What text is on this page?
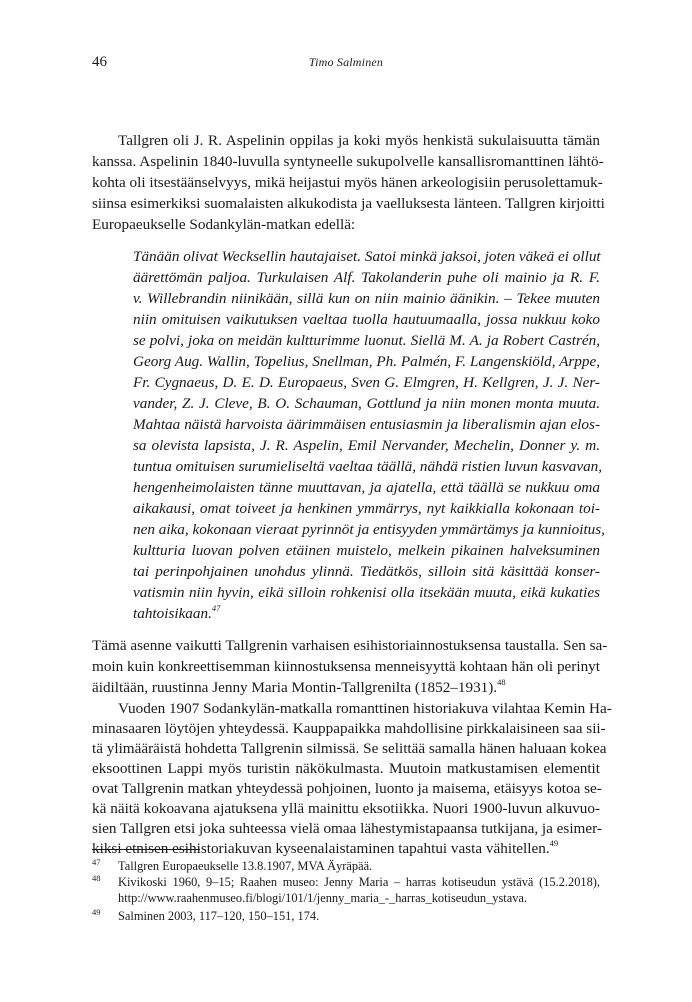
46	Timo Salminen
Tallgren oli J. R. Aspelinin oppilas ja koki myös henkistä sukulaisuutta tämän
kanssa. Aspelinin 1840-luvulla syntyneelle sukupolvelle kansallisromanttinen lähtö-
kohta oli itsestäänselvyys, mikä heijastui myös hänen arkeologisiin perusolettamuk-
siinsa esimerkiksi suomalaisten alkukodista ja vaelluksesta länteen. Tallgren kirjoitti
Europaeukselle Sodankylän-matkan edellä:
Tänään olivat Wecksellin hautajaiset. Satoi minkä jaksoi, joten väkeä ei ollut
äärettömän paljoa. Turkulaisen Alf. Takolanderin puhe oli mainio ja R. F.
v. Willebrandin niinikään, sillä kun on niin mainio äänikin. – Tekee muuten
niin omituisen vaikutuksen vaeltaa tuolla hautuumaalla, jossa nukkuu koko
se polvi, joka on meidän kultturimme luonut. Siellä M. A. ja Robert Castrén,
Georg Aug. Wallin, Topelius, Snellman, Ph. Palmén, F. Langenskiöld, Arppe,
Fr. Cygnaeus, D. E. D. Europaeus, Sven G. Elmgren, H. Kellgren, J. J. Ner-
vander, Z. J. Cleve, B. O. Schauman, Gottlund ja niin monen monta muuta.
Mahtaa näistä harvoista äärimmäisen entusiasmin ja liberalismin ajan elos-
sa olevista lapsista, J. R. Aspelin, Emil Nervander, Mechelin, Donner y. m.
tuntua omituisen surumieliseltä vaeltaa täällä, nähdä ristien luvun kasvavan,
hengenheimolaisten tänne muuttavan, ja ajatella, että täällä se nukkuu oma
aikakausi, omat toiveet ja henkinen ymmärrys, nyt kaikkialla kokonaan toi-
nen aika, kokonaan vieraat pyrinnöt ja entisyyden ymmärtämys ja kunnioitus,
kultturia luovan polven etäinen muistelo, melkein pikainen halveksuminen
tai perinpohjainen unohdus ylinnä. Tiedätkös, silloin sitä käsittää konser-
vatismin niin hyvin, eikä silloin rohkenisi olla itsekään muuta, eikä kukaties
tahtoisikaan.$^{47}$
Tämä asenne vaikutti Tallgrenin varhaisen esihistoriainnostuksensa taustalla. Sen sa-
moin kuin konkreettisemman kiinnostuksensa menneisyyttä kohtaan hän oli perinyt
äidiltään, ruustinna Jenny Maria Montin-Tallgrenilta (1852–1931).$^{48}$
Vuoden 1907 Sodankylän-matkalla romanttinen historiakuva vilahtaa Kemin Ha-
minasaaren löytöjen yhteydessä. Kauppapaikka mahdollisine pirkkalaisineen saa sii-
tä ylimääräistä hohdetta Tallgrenin silmissä. Se selittää samalla hänen haluaan kokea
eksoottinen Lappi myös turistin näkökulmasta. Muutoin matkustamisen elementit
ovat Tallgrenin matkan yhteydessä pohjoinen, luonto ja maisema, etäisyys kotoa se-
kä näitä kokoavana ajatuksena yllä mainittu eksotiikka. Nuori 1900-luvun alkuvuo-
sien Tallgren etsi joka suhteessa vielä omaa lähestymistapaansa tutkijana, ja esimer-
47 Tallgren Europaeukselle 13.8.1907, MVA Äyräpää.
48 Kivikoski 1960, 9–15; Raahen museo: Jenny Maria – harras kotiseudun ystävä (15.2.2018),
http://www.raahenmuseo.fi/blogi/101/1/jenny_maria_-_harras_kotiseudun_ystava.
49 Salminen 2003, 117–120, 150–151, 174.
kiksi etnisen esihistoriakuvan kyseenalaistaminen tapahtui vasta vähitellen.$^{49}$
